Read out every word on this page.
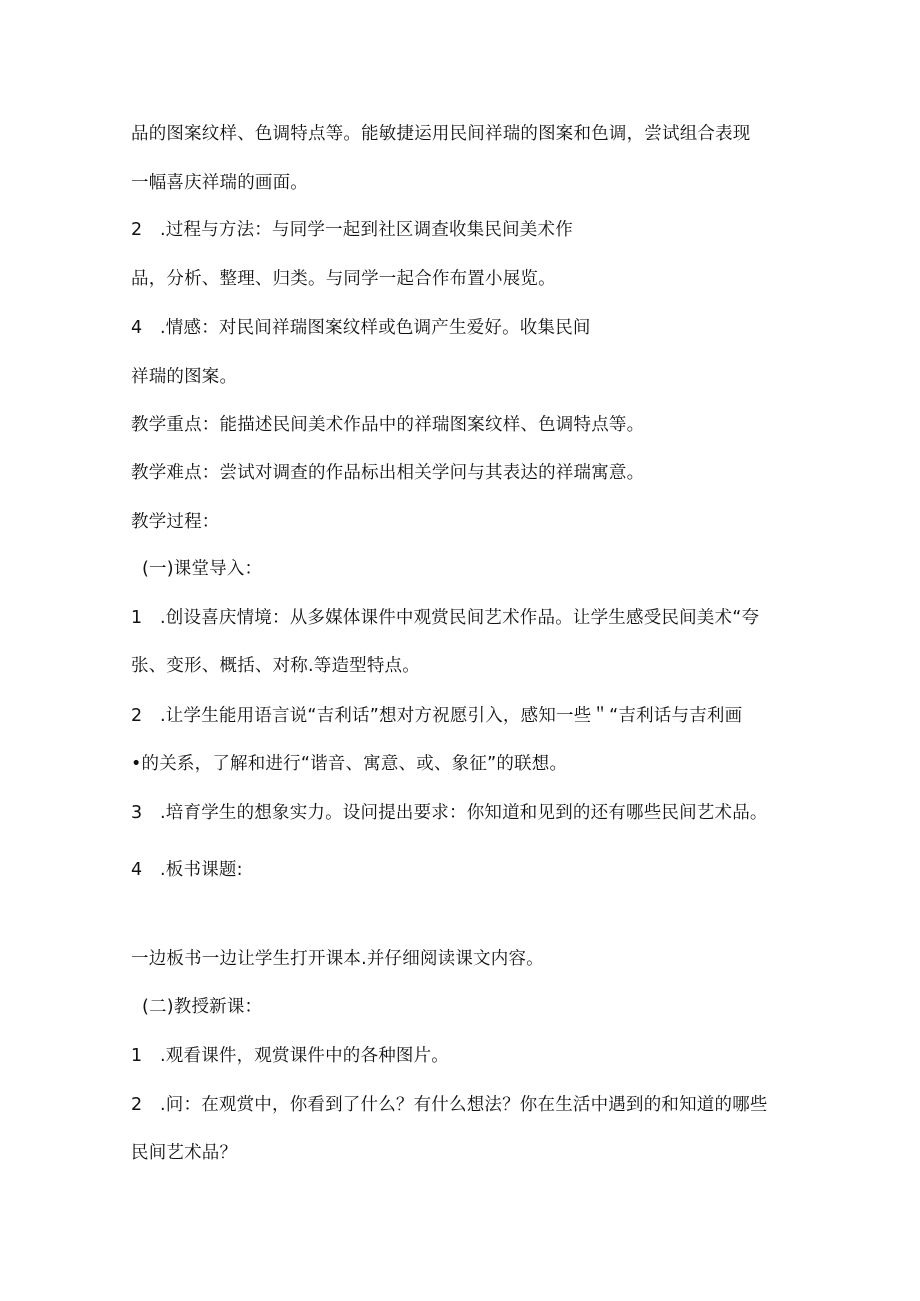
品的图案纹样、色调特点等。能敏捷运用民间祥瑞的图案和色调，尝试组合表现
一幅喜庆祥瑞的画面。
2　.过程与方法：与同学一起到社区调查收集民间美术作
品，分析、整理、归类。与同学一起合作布置小展览。
4　.情感：对民间祥瑞图案纹样或色调产生爱好。收集民间
祥瑞的图案。
教学重点：能描述民间美术作品中的祥瑞图案纹样、色调特点等。
教学难点：尝试对调查的作品标出相关学问与其表达的祥瑞寓意。
教学过程：
(一)课堂导入：
1　.创设喜庆情境：从多媒体课件中观赏民间艺术作品。让学生感受民间美术“夸
张、变形、概括、对称.等造型特点。
2　.让学生能用语言说“吉利话”想对方祝愿引入，感知一些＂“吉利话与吉利画
•的关系，了解和进行“谐音、寓意、或、象征”的联想。
3　.培育学生的想象实力。设问提出要求：你知道和见到的还有哪些民间艺术品。
4　.板书课题:
一边板书一边让学生打开课本.并仔细阅读课文内容。
(二)教授新课：
1　.观看课件，观赏课件中的各种图片。
2　.问：在观赏中，你看到了什么？有什么想法？你在生活中遇到的和知道的哪些
民间艺术品？
